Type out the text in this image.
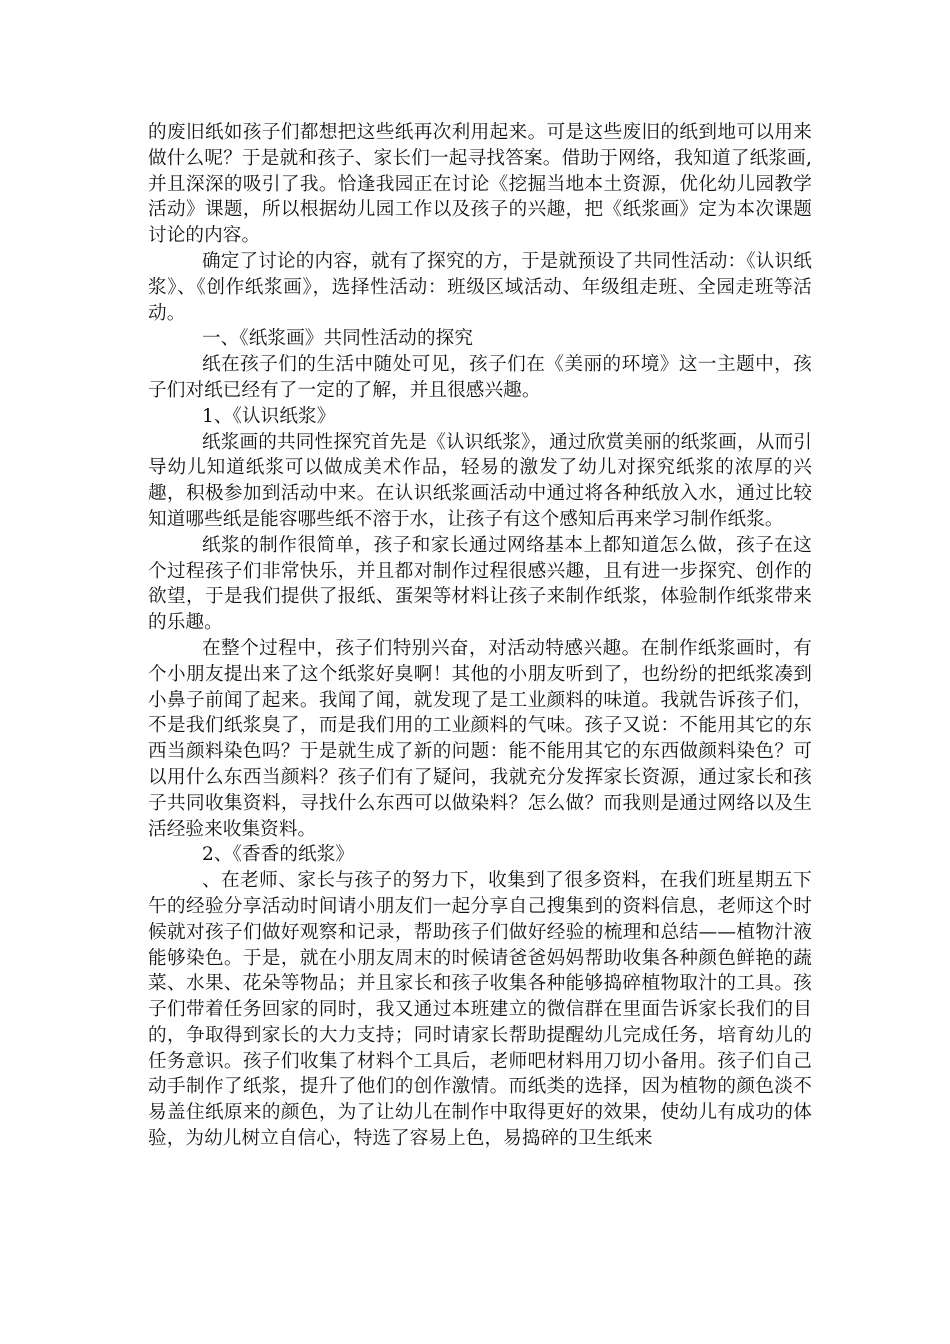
的废旧纸如孩子们都想把这些纸再次利用起来。可是这些废旧的纸到地可以用来做什么呢？于是就和孩子、家长们一起寻找答案。借助于网络，我知道了纸浆画,并且深深的吸引了我。恰逢我园正在讨论《挖掘当地本土资源，优化幼儿园教学活动》课题，所以根据幼儿园工作以及孩子的兴趣，把《纸浆画》定为本次课题讨论的内容。

确定了讨论的内容，就有了探究的方，于是就预设了共同性活动：《认识纸浆》、《创作纸浆画》，选择性活动：班级区域活动、年级组走班、全园走班等活动。

一、《纸浆画》共同性活动的探究

纸在孩子们的生活中随处可见，孩子们在《美丽的环境》这一主题中，孩子们对纸已经有了一定的了解，并且很感兴趣。

1、《认识纸浆》

纸浆画的共同性探究首先是《认识纸浆》，通过欣赏美丽的纸浆画，从而引导幼儿知道纸浆可以做成美术作品，轻易的激发了幼儿对探究纸浆的浓厚的兴趣，积极参加到活动中来。在认识纸浆画活动中通过将各种纸放入水，通过比较知道哪些纸是能容哪些纸不溶于水，让孩子有这个感知后再来学习制作纸浆。

纸浆的制作很简单，孩子和家长通过网络基本上都知道怎么做，孩子在这个过程孩子们非常快乐，并且都对制作过程很感兴趣，且有进一步探究、创作的欲望，于是我们提供了报纸、蛋架等材料让孩子来制作纸浆，体验制作纸浆带来的乐趣。

在整个过程中，孩子们特别兴奋，对活动特感兴趣。在制作纸浆画时，有个小朋友提出来了这个纸浆好臭啊！其他的小朋友听到了，也纷纷的把纸浆凑到小鼻子前闻了起来。我闻了闻，就发现了是工业颜料的味道。我就告诉孩子们，不是我们纸浆臭了，而是我们用的工业颜料的气味。孩子又说：不能用其它的东西当颜料染色吗？于是就生成了新的问题：能不能用其它的东西做颜料染色？可以用什么东西当颜料？孩子们有了疑问，我就充分发挥家长资源，通过家长和孩子共同收集资料，寻找什么东西可以做染料？怎么做？而我则是通过网络以及生活经验来收集资料。

2、《香香的纸浆》

、在老师、家长与孩子的努力下，收集到了很多资料，在我们班星期五下午的经验分享活动时间请小朋友们一起分享自己搜集到的资料信息，老师这个时候就对孩子们做好观察和记录，帮助孩子们做好经验的梳理和总结——植物汁液能够染色。于是，就在小朋友周末的时候请爸爸妈妈帮助收集各种颜色鲜艳的蔬菜、水果、花朵等物品；并且家长和孩子收集各种能够捣碎植物取汁的工具。孩子们带着任务回家的同时，我又通过本班建立的微信群在里面告诉家长我们的目的，争取得到家长的大力支持；同时请家长帮助提醒幼儿完成任务，培育幼儿的任务意识。孩子们收集了材料个工具后，老师吧材料用刀切小备用。孩子们自己动手制作了纸浆，提升了他们的创作激情。而纸类的选择，因为植物的颜色淡不易盖住纸原来的颜色，为了让幼儿在制作中取得更好的效果，使幼儿有成功的体验，为幼儿树立自信心，特选了容易上色，易捣碎的卫生纸来
